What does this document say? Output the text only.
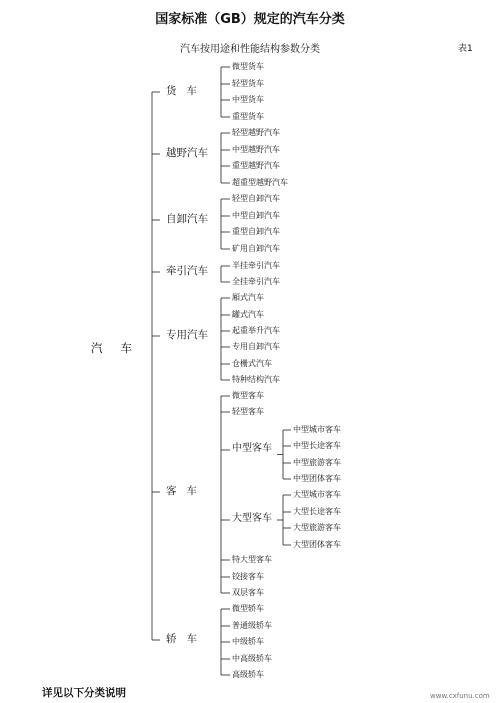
国家标准（GB）规定的汽车分类
汽车按用途和性能结构参数分类	表1
汽车
货车
微型货车
轻型货车
中型货车
重型货车
越野汽车
轻型越野汽车
中型越野汽车
重型越野汽车
超重型越野汽车
自卸汽车
轻型自卸汽车
中型自卸汽车
重型自卸汽车
矿用自卸汽车
牵引汽车	半挂牵引汽车
全挂牵引汽车
专用汽车
厢式汽车
罐式汽车
起重举升汽车
专用自卸汽车
仓栅式汽车
特种结构汽车
客车
微型客车
轻型客车
中型客车
大型客车
特大型客车
铰接客车
双层客车
轿车
微型轿车
普通级轿车
中级轿车
中高级轿车
高级轿车
中型城市客车
中型长途客车
中型旅游客车
中型团体客车
大型城市客车
大型长途客车
大型旅游客车
大型团体客车
详见以下分类说明	www.cxfunu.com
